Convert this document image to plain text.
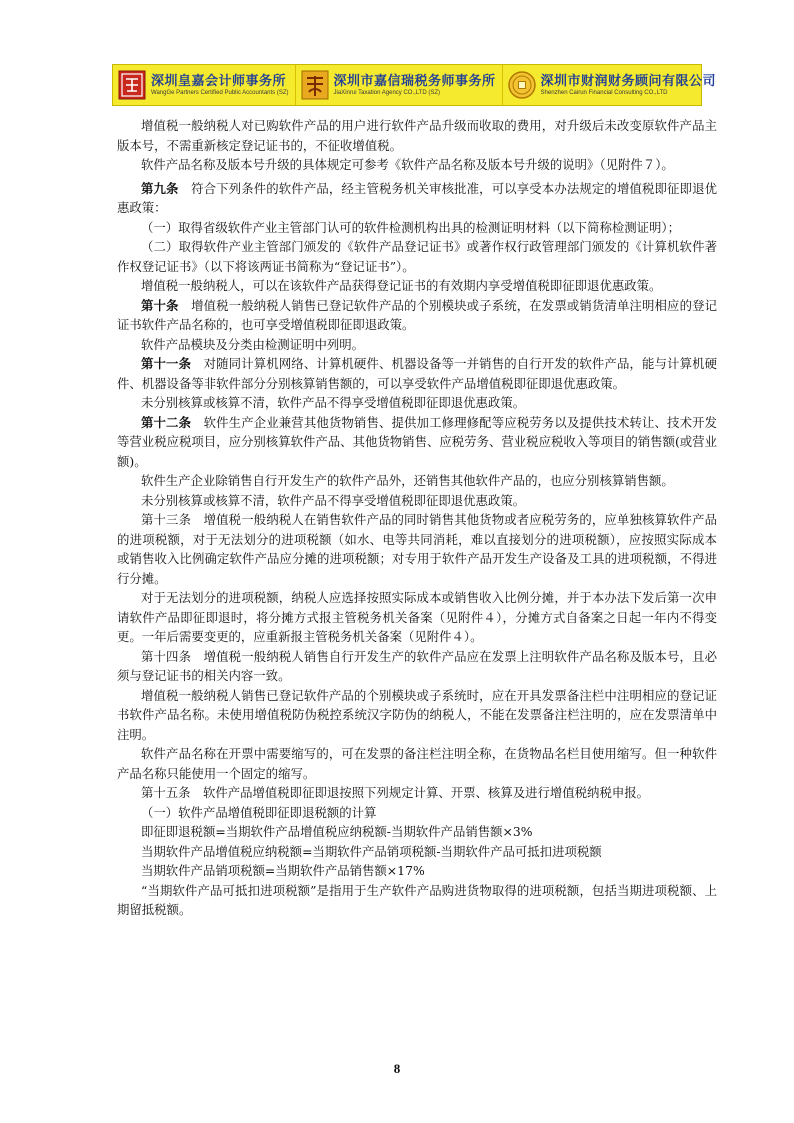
深圳皇嘉会计师事务所
WangGe Partners Certified Public Accountants (SZ)
深圳市嘉信瑞税务师事务所
JiaXinrui Taxation Agency CO.,LTD (SZ)
深圳市财润财务顾问有限公司
Shenzhen Cairun Financial Consulting CO.,LTD

增值税一般纳税人对已购软件产品的用户进行软件产品升级而收取的费用，对升级后未改变原软件产品主版本号，不需重新核定登记证书的，不征收增值税。

软件产品名称及版本号升级的具体规定可参考《软件产品名称及版本号升级的说明》（见附件７）。

第九条　符合下列条件的软件产品，经主管税务机关审核批准，可以享受本办法规定的增值税即征即退优惠政策：

（一）取得省级软件产业主管部门认可的软件检测机构出具的检测证明材料（以下简称检测证明）；

（二）取得软件产业主管部门颁发的《软件产品登记证书》或著作权行政管理部门颁发的《计算机软件著作权登记证书》（以下将该两证书简称为“登记证书”）。

增值税一般纳税人，可以在该软件产品获得登记证书的有效期内享受增值税即征即退优惠政策。

第十条　增值税一般纳税人销售已登记软件产品的个别模块或子系统，在发票或销货清单注明相应的登记证书软件产品名称的，也可享受增值税即征即退政策。

软件产品模块及分类由检测证明中列明。

第十一条　对随同计算机网络、计算机硬件、机器设备等一并销售的自行开发的软件产品，能与计算机硬件、机器设备等非软件部分分别核算销售额的，可以享受软件产品增值税即征即退优惠政策。

未分别核算或核算不清，软件产品不得享受增值税即征即退优惠政策。

第十二条　软件生产企业兼营其他货物销售、提供加工修理修配等应税劳务以及提供技术转让、技术开发等营业税应税项目，应分别核算软件产品、其他货物销售、应税劳务、营业税应税收入等项目的销售额(或营业额)。

软件生产企业除销售自行开发生产的软件产品外，还销售其他软件产品的，也应分别核算销售额。

未分别核算或核算不清，软件产品不得享受增值税即征即退优惠政策。

第十三条　增值税一般纳税人在销售软件产品的同时销售其他货物或者应税劳务的，应单独核算软件产品的进项税额，对于无法划分的进项税额（如水、电等共同消耗，难以直接划分的进项税额），应按照实际成本或销售收入比例确定软件产品应分摊的进项税额；对专用于软件产品开发生产设备及工具的进项税额，不得进行分摊。

对于无法划分的进项税额，纳税人应选择按照实际成本或销售收入比例分摊，并于本办法下发后第一次申请软件产品即征即退时，将分摊方式报主管税务机关备案（见附件４），分摊方式自备案之日起一年内不得变更。一年后需要变更的，应重新报主管税务机关备案（见附件４）。

第十四条　增值税一般纳税人销售自行开发生产的软件产品应在发票上注明软件产品名称及版本号，且必须与登记证书的相关内容一致。

增值税一般纳税人销售已登记软件产品的个别模块或子系统时，应在开具发票备注栏中注明相应的登记证书软件产品名称。未使用增值税防伪税控系统汉字防伪的纳税人，不能在发票备注栏注明的，应在发票清单中注明。

软件产品名称在开票中需要缩写的，可在发票的备注栏注明全称，在货物品名栏目使用缩写。但一种软件产品名称只能使用一个固定的缩写。

第十五条　软件产品增值税即征即退按照下列规定计算、开票、核算及进行增值税纳税申报。

（一）软件产品增值税即征即退税额的计算

即征即退税额=当期软件产品增值税应纳税额-当期软件产品销售额×3%

当期软件产品增值税应纳税额=当期软件产品销项税额-当期软件产品可抵扣进项税额

当期软件产品销项税额=当期软件产品销售额×17%

“当期软件产品可抵扣进项税额”是指用于生产软件产品购进货物取得的进项税额，包括当期进项税额、上期留抵税额。

8
